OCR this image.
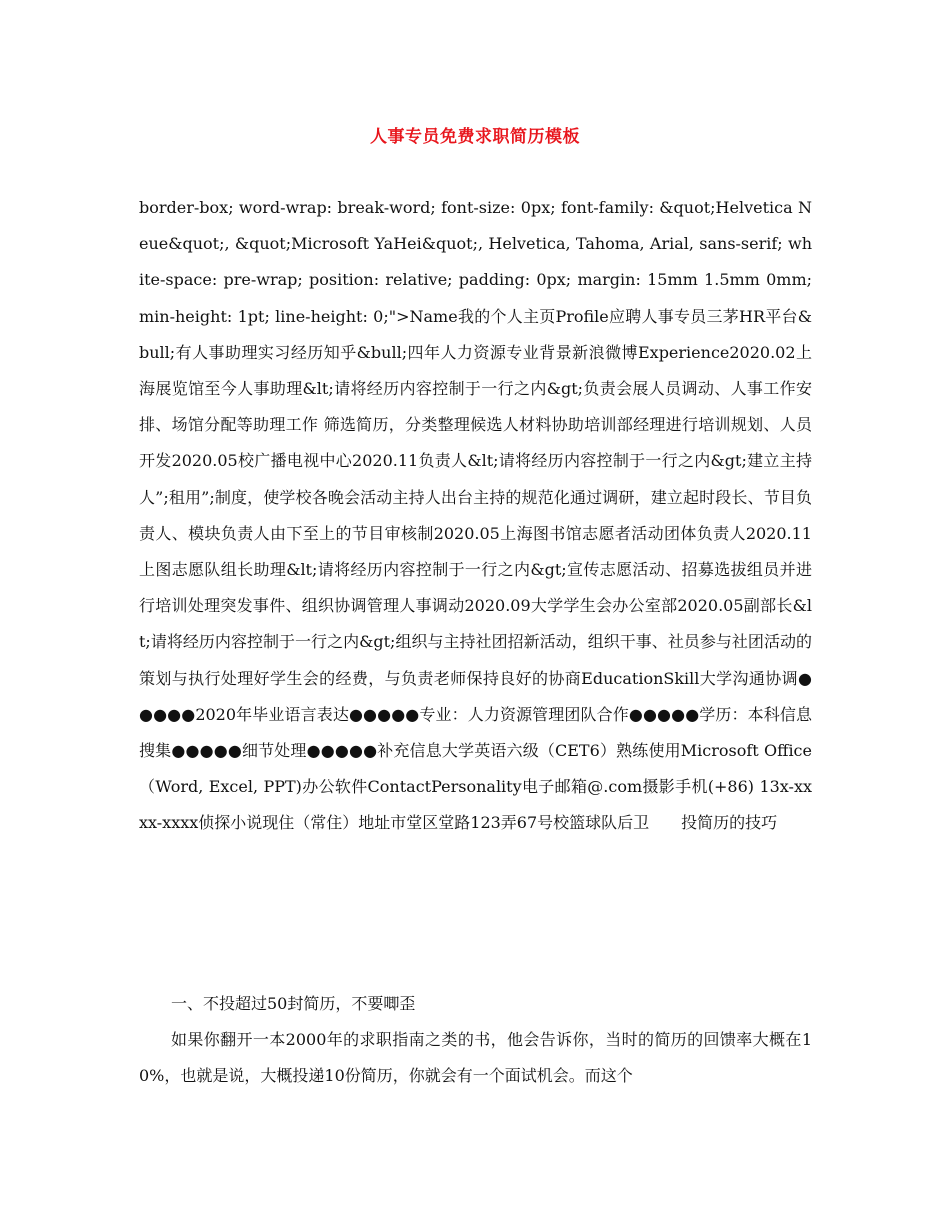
人事专员免费求职简历模板

border-box; word-wrap: break-word; font-size: 0px; font-family: &quot;Helvetica Neue&quot;, &quot;Microsoft YaHei&quot;, Helvetica, Tahoma, Arial, sans-serif; white-space: pre-wrap; position: relative; padding: 0px; margin: 15mm 1.5mm 0mm; min-height: 1pt; line-height: 0;">Name我的个人主页Profile应聘人事专员三茅HR平台&bull;有人事助理实习经历知乎&bull;四年人力资源专业背景新浪微博Experience2020.02上海展览馆至今人事助理&lt;请将经历内容控制于一行之内&gt;负责会展人员调动、人事工作安排、场馆分配等助理工作 筛选简历，分类整理候选人材料协助培训部经理进行培训规划、人员开发2020.05校广播电视中心2020.11负责人&lt;请将经历内容控制于一行之内&gt;建立主持人”;租用”;制度，使学校各晚会活动主持人出台主持的规范化通过调研，建立起时段长、节目负责人、模块负责人由下至上的节目审核制2020.05上海图书馆志愿者活动团体负责人2020.11上图志愿队组长助理&lt;请将经历内容控制于一行之内&gt;宣传志愿活动、招募选拔组员并进行培训处理突发事件、组织协调管理人事调动2020.09大学学生会办公室部2020.05副部长&lt;请将经历内容控制于一行之内&gt;组织与主持社团招新活动，组织干事、社员参与社团活动的策划与执行处理好学生会的经费，与负责老师保持良好的协商EducationSkill大学沟通协调●●●●●2020年毕业语言表达●●●●●专业：人力资源管理团队合作●●●●●学历：本科信息搜集●●●●●细节处理●●●●●补充信息大学英语六级（CET6）熟练使用Microsoft Office（Word, Excel, PPT)办公软件ContactPersonality电子邮箱@.com摄影手机(+86) 13x-xxxx-xxxx侦探小说现住（常住）地址市堂区堂路123弄67号校篮球队后卫　　投简历的技巧

一、不投超过50封简历，不要唧歪

如果你翻开一本2000年的求职指南之类的书，他会告诉你，当时的简历的回馈率大概在10%，也就是说，大概投递10份简历，你就会有一个面试机会。而这个
